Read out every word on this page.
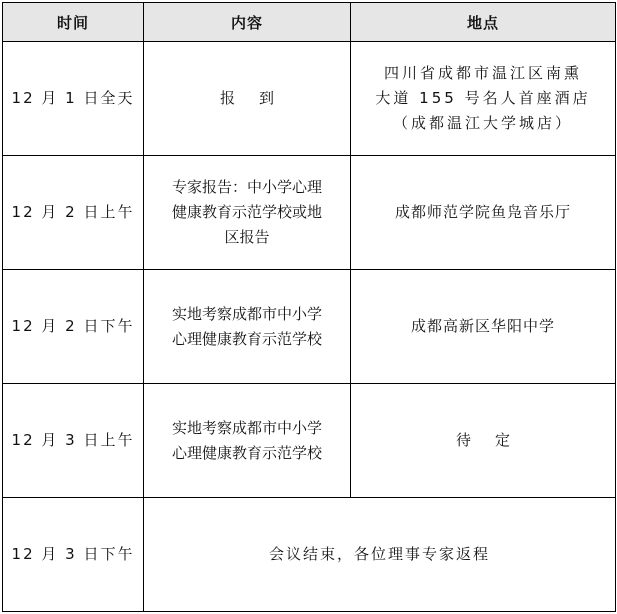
时间	内容	地点
12 月 1 日全天	报到	四川省成都市温江区南熏
大道 155 号名人首座酒店
（成都温江大学城店）

12 月 2 日上午	专家报告：中小学心理
健康教育示范学校或地
区报告	成都师范学院鱼凫音乐厅

12 月 2 日下午	实地考察成都市中小学
心理健康教育示范学校	成都高新区华阳中学

12 月 3 日上午	实地考察成都市中小学
心理健康教育示范学校	待定

12 月 3 日下午	会议结束，各位理事专家返程	
